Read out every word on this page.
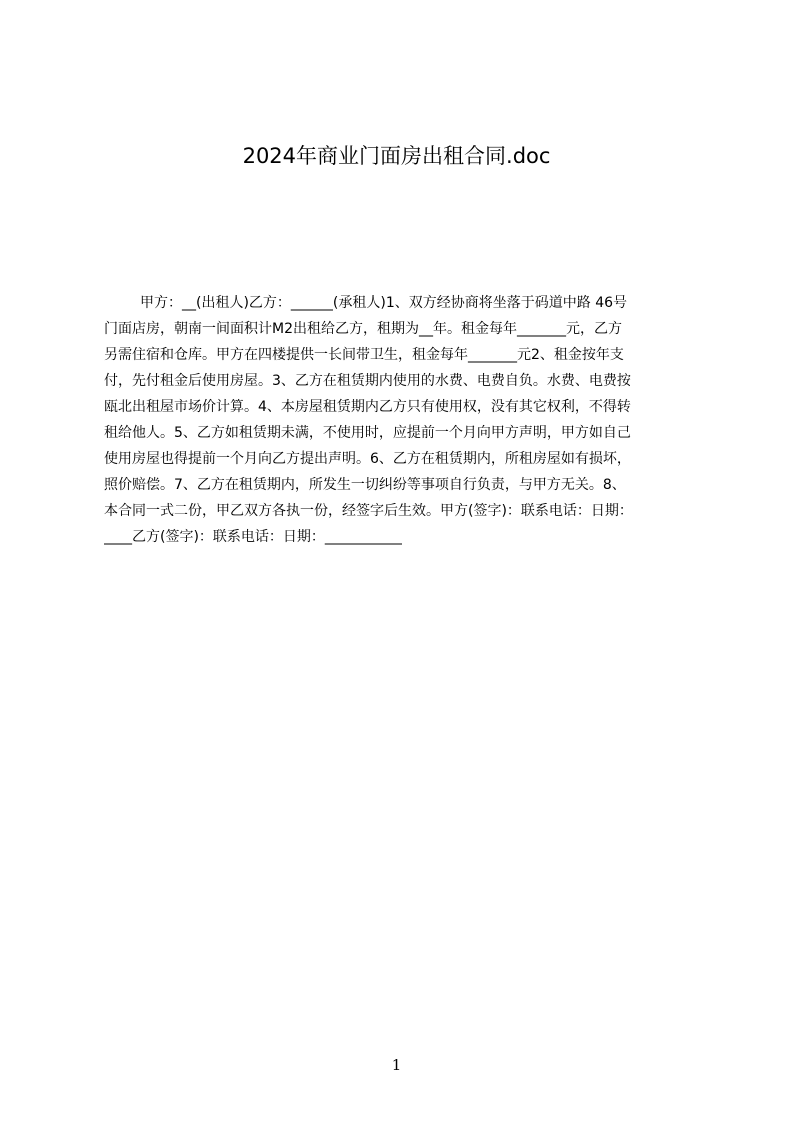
2024年商业门面房出租合同.doc
甲方：__(出租人)乙方：______(承租人)1、双方经协商将坐落于码道中路 46号
门面店房，朝南一间面积计M2出租给乙方，租期为__年。租金每年_______元，乙方
另需住宿和仓库。甲方在四楼提供一长间带卫生，租金每年_______元2、租金按年支
付，先付租金后使用房屋。3、乙方在租赁期内使用的水费、电费自负。水费、电费按
瓯北出租屋市场价计算。4、本房屋租赁期内乙方只有使用权，没有其它权利，不得转
租给他人。5、乙方如租赁期未满，不使用时，应提前一个月向甲方声明，甲方如自己
使用房屋也得提前一个月向乙方提出声明。6、乙方在租赁期内，所租房屋如有损坏，
照价赔偿。7、乙方在租赁期内，所发生一切纠纷等事项自行负责，与甲方无关。8、
本合同一式二份，甲乙双方各执一份，经签字后生效。甲方(签字)：联系电话：日期：
____乙方(签字)：联系电话：日期：___________
1
